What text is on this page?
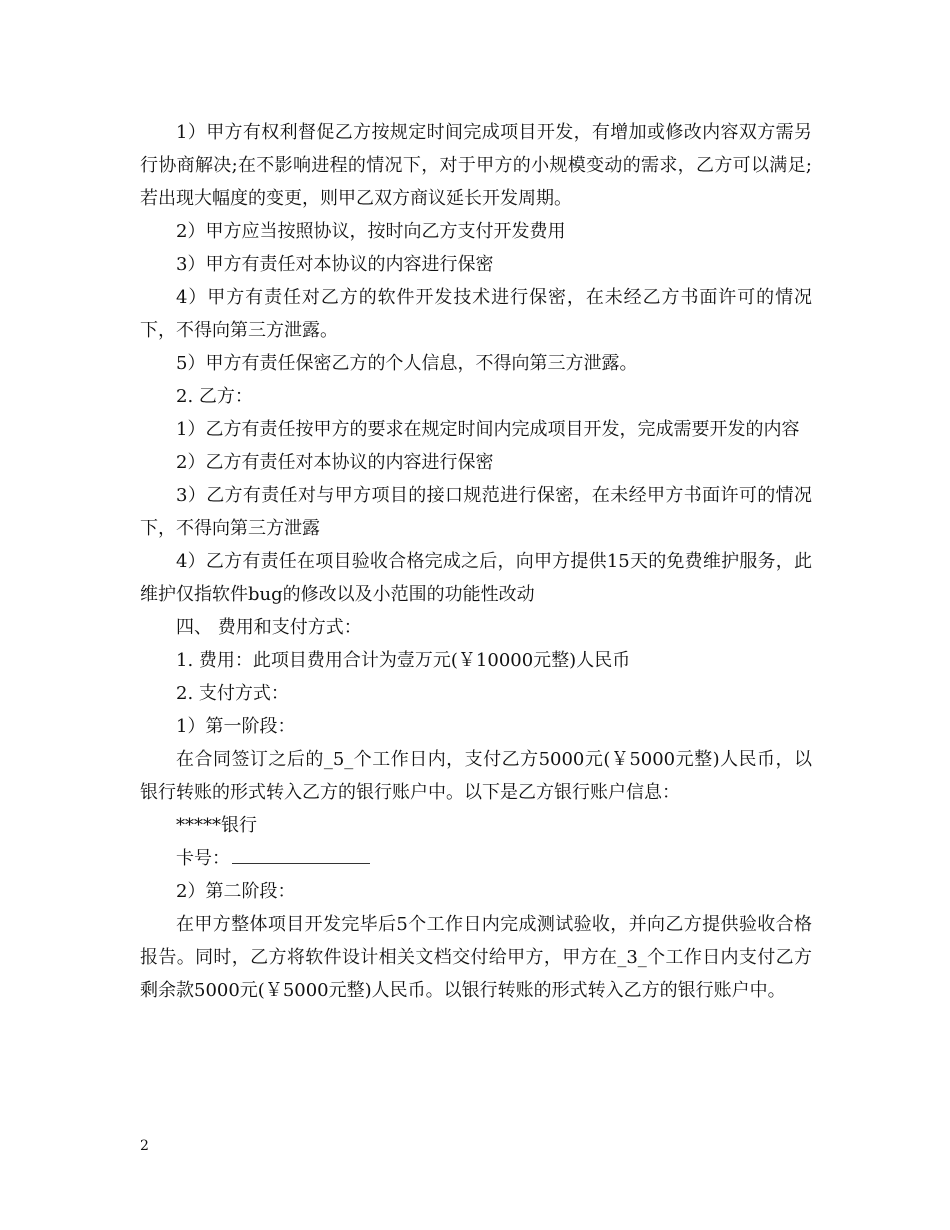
1）甲方有权利督促乙方按规定时间完成项目开发，有增加或修改内容双方需另行协商解决;在不影响进程的情况下，对于甲方的小规模变动的需求，乙方可以满足;若出现大幅度的变更，则甲乙双方商议延长开发周期。

2）甲方应当按照协议，按时向乙方支付开发费用

3）甲方有责任对本协议的内容进行保密

4）甲方有责任对乙方的软件开发技术进行保密，在未经乙方书面许可的情况下，不得向第三方泄露。

5）甲方有责任保密乙方的个人信息，不得向第三方泄露。

2. 乙方：

1）乙方有责任按甲方的要求在规定时间内完成项目开发，完成需要开发的内容

2）乙方有责任对本协议的内容进行保密

3）乙方有责任对与甲方项目的接口规范进行保密，在未经甲方书面许可的情况下，不得向第三方泄露

4）乙方有责任在项目验收合格完成之后，向甲方提供15天的免费维护服务，此维护仅指软件bug的修改以及小范围的功能性改动

四、 费用和支付方式：

1. 费用：此项目费用合计为壹万元(￥10000元整)人民币

2. 支付方式：

1）第一阶段：

在合同签订之后的_5_个工作日内，支付乙方5000元(￥5000元整)人民币，以银行转账的形式转入乙方的银行账户中。以下是乙方银行账户信息：

*****银行

卡号：

2）第二阶段：

在甲方整体项目开发完毕后5个工作日内完成测试验收，并向乙方提供验收合格报告。同时，乙方将软件设计相关文档交付给甲方，甲方在_3_个工作日内支付乙方剩余款5000元(￥5000元整)人民币。以银行转账的形式转入乙方的银行账户中。

2
